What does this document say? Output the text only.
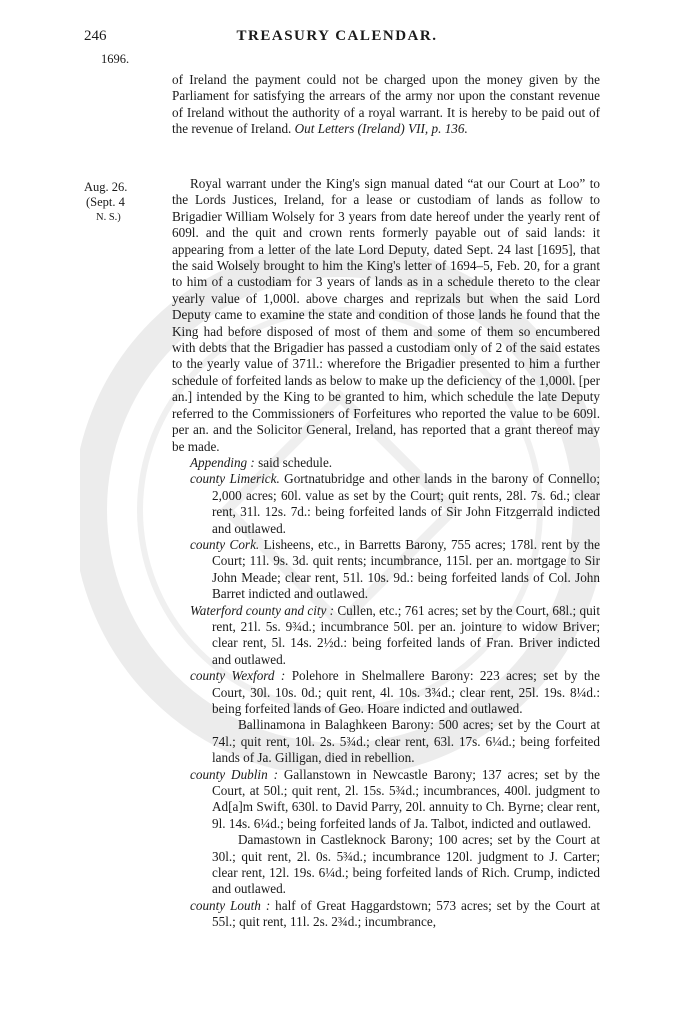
246	TREASURY CALENDAR.
1696.

of Ireland the payment could not be charged upon the money given by the Parliament for satisfying the arrears of the army nor upon the constant revenue of Ireland without the authority of a royal warrant. It is hereby to be paid out of the revenue of Ireland. Out Letters (Ireland) VII, p. 136.

Aug. 26.
(Sept. 4
N. S.)

Royal warrant under the King's sign manual dated “at our Court at Loo” to the Lords Justices, Ireland, for a lease or custodiam of lands as follow to Brigadier William Wolsely for 3 years from date hereof under the yearly rent of 609l. and the quit and crown rents formerly payable out of said lands: it appearing from a letter of the late Lord Deputy, dated Sept. 24 last [1695], that the said Wolsely brought to him the King's letter of 1694–5, Feb. 20, for a grant to him of a custodiam for 3 years of lands as in a schedule thereto to the clear yearly value of 1,000l. above charges and reprizals but when the said Lord Deputy came to examine the state and condition of those lands he found that the King had before disposed of most of them and some of them so encumbered with debts that the Brigadier has passed a custodiam only of 2 of the said estates to the yearly value of 371l.: wherefore the Brigadier presented to him a further schedule of forfeited lands as below to make up the deficiency of the 1,000l. [per an.] intended by the King to be granted to him, which schedule the late Deputy referred to the Commissioners of Forfeitures who reported the value to be 609l. per an. and the Solicitor General, Ireland, has reported that a grant thereof may be made.

Appending : said schedule.

county Limerick. Gortnatubridge and other lands in the barony of Connello; 2,000 acres; 60l. value as set by the Court; quit rents, 28l. 7s. 6d.; clear rent, 31l. 12s. 7d.: being forfeited lands of Sir John Fitzgerrald indicted and outlawed.

county Cork. Lisheens, etc., in Barretts Barony, 755 acres; 178l. rent by the Court; 11l. 9s. 3d. quit rents; incumbrance, 115l. per an. mortgage to Sir John Meade; clear rent, 51l. 10s. 9d.: being forfeited lands of Col. John Barret indicted and outlawed.

Waterford county and city : Cullen, etc.; 761 acres; set by the Court, 68l.; quit rent, 21l. 5s. 9¾d.; incumbrance 50l. per an. jointure to widow Briver; clear rent, 5l. 14s. 2½d.: being forfeited lands of Fran. Briver indicted and outlawed.

county Wexford : Polehore in Shelmallere Barony: 223 acres; set by the Court, 30l. 10s. 0d.; quit rent, 4l. 10s. 3¾d.; clear rent, 25l. 19s. 8¼d.: being forfeited lands of Geo. Hoare indicted and outlawed.

Ballinamona in Balaghkeen Barony: 500 acres; set by the Court at 74l.; quit rent, 10l. 2s. 5¾d.; clear rent, 63l. 17s. 6¼d.; being forfeited lands of Ja. Gilligan, died in rebellion.

county Dublin : Gallanstown in Newcastle Barony; 137 acres; set by the Court, at 50l.; quit rent, 2l. 15s. 5¾d.; incumbrances, 400l. judgment to Ad[a]m Swift, 630l. to David Parry, 20l. annuity to Ch. Byrne; clear rent, 9l. 14s. 6¼d.; being forfeited lands of Ja. Talbot, indicted and outlawed.

Damastown in Castleknock Barony; 100 acres; set by the Court at 30l.; quit rent, 2l. 0s. 5¾d.; incumbrance 120l. judgment to J. Carter; clear rent, 12l. 19s. 6¼d.; being forfeited lands of Rich. Crump, indicted and outlawed.

county Louth : half of Great Haggardstown; 573 acres; set by the Court at 55l.; quit rent, 11l. 2s. 2¾d.; incumbrance,
